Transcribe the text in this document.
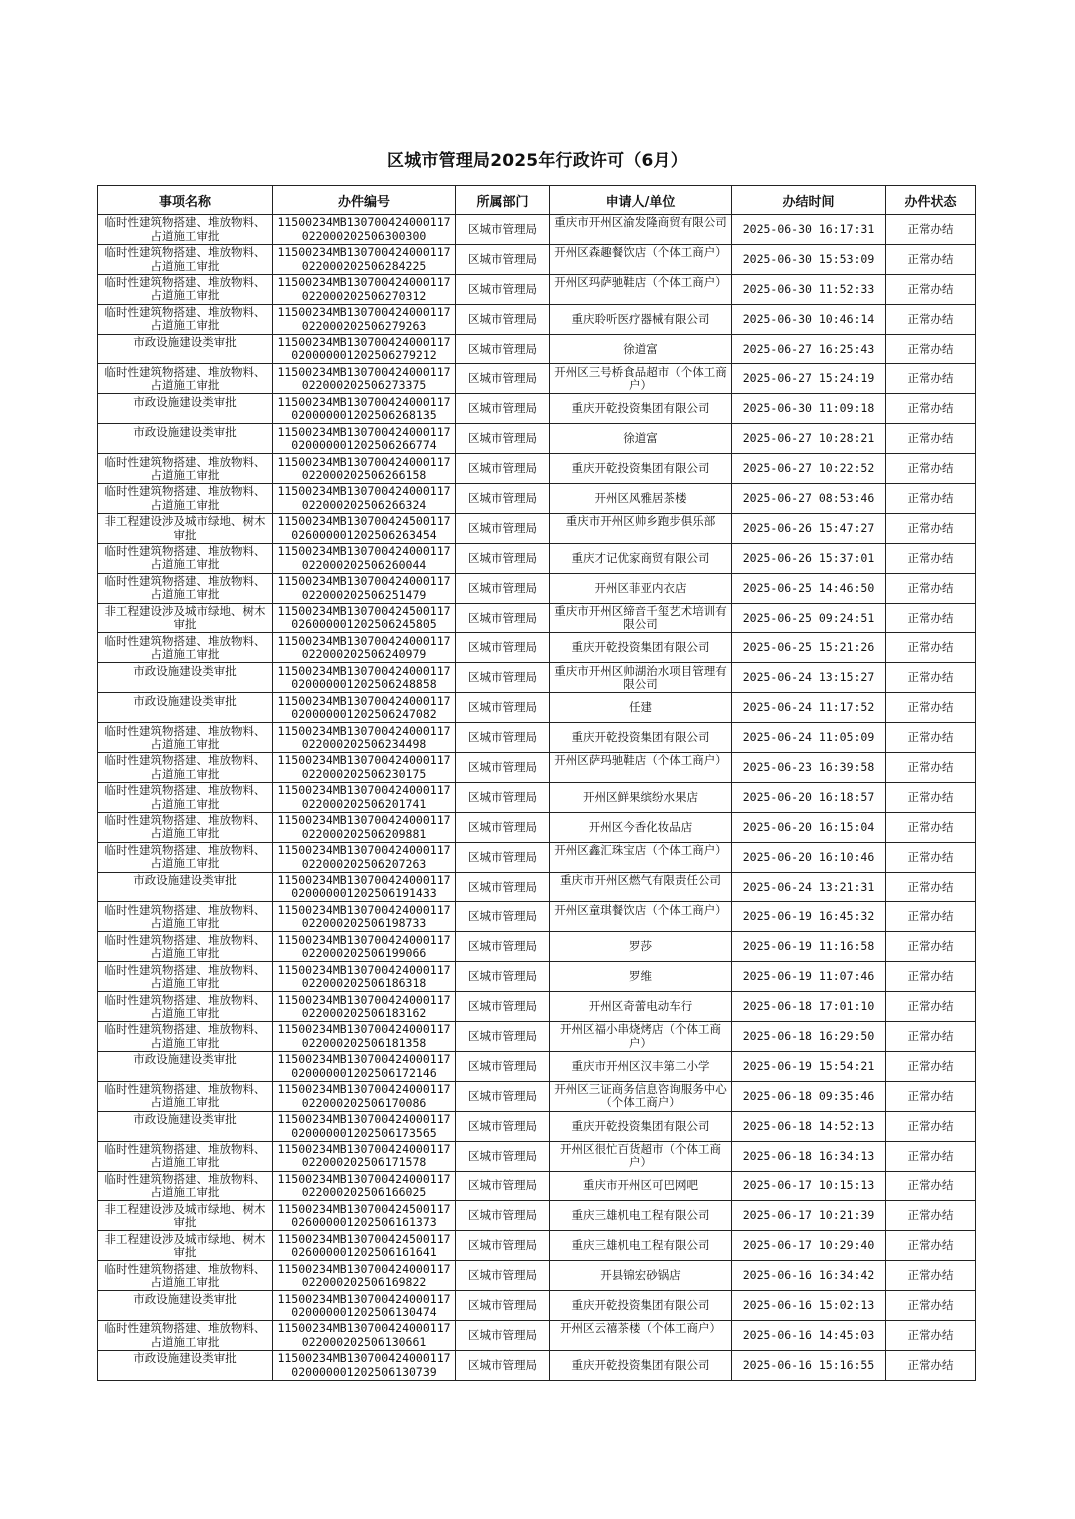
区城市管理局2025年行政许可（6月）
事项名称	办件编号	所属部门	申请人/单位	办结时间	办件状态

临时性建筑物搭建、堆放物料、占道施工审批	11500234MB130700424000117022000202506300300	区城市管理局	重庆市开州区渝发隆商贸有限公司	2025-06-30 16:17:31	正常办结

临时性建筑物搭建、堆放物料、占道施工审批	11500234MB130700424000117022000202506284225	区城市管理局	开州区森趣餐饮店（个体工商户）	2025-06-30 15:53:09	正常办结

临时性建筑物搭建、堆放物料、占道施工审批	11500234MB130700424000117022000202506270312	区城市管理局	开州区玛萨驰鞋店（个体工商户）	2025-06-30 11:52:33	正常办结

临时性建筑物搭建、堆放物料、占道施工审批	11500234MB130700424000117022000202506279263	区城市管理局	重庆聆听医疗器械有限公司	2025-06-30 10:46:14	正常办结

市政设施建设类审批	11500234MB130700424000117020000001202506279212	区城市管理局	徐道富	2025-06-27 16:25:43	正常办结

临时性建筑物搭建、堆放物料、占道施工审批	11500234MB130700424000117022000202506273375	区城市管理局	开州区三号桥食品超市（个体工商户）	2025-06-27 15:24:19	正常办结

市政设施建设类审批	11500234MB130700424000117020000001202506268135	区城市管理局	重庆开乾投资集团有限公司	2025-06-30 11:09:18	正常办结

市政设施建设类审批	11500234MB130700424000117020000001202506266774	区城市管理局	徐道富	2025-06-27 10:28:21	正常办结

临时性建筑物搭建、堆放物料、占道施工审批	11500234MB130700424000117022000202506266158	区城市管理局	重庆开乾投资集团有限公司	2025-06-27 10:22:52	正常办结

临时性建筑物搭建、堆放物料、占道施工审批	11500234MB130700424000117022000202506266324	区城市管理局	开州区风雅居茶楼	2025-06-27 08:53:46	正常办结

非工程建设涉及城市绿地、树木审批	11500234MB130700424500117026000001202506263454	区城市管理局	重庆市开州区帅乡跑步俱乐部	2025-06-26 15:47:27	正常办结

临时性建筑物搭建、堆放物料、占道施工审批	11500234MB130700424000117022000202506260044	区城市管理局	重庆才记优家商贸有限公司	2025-06-26 15:37:01	正常办结

临时性建筑物搭建、堆放物料、占道施工审批	11500234MB130700424000117022000202506251479	区城市管理局	开州区菲亚内衣店	2025-06-25 14:46:50	正常办结

非工程建设涉及城市绿地、树木审批	11500234MB130700424500117026000001202506245805	区城市管理局	重庆市开州区缔音千玺艺术培训有限公司	2025-06-25 09:24:51	正常办结

临时性建筑物搭建、堆放物料、占道施工审批	11500234MB130700424000117022000202506240979	区城市管理局	重庆开乾投资集团有限公司	2025-06-25 15:21:26	正常办结

市政设施建设类审批	11500234MB130700424000117020000001202506248858	区城市管理局	重庆市开州区帅湖治水项目管理有限公司	2025-06-24 13:15:27	正常办结

市政设施建设类审批	11500234MB130700424000117020000001202506247082	区城市管理局	任建	2025-06-24 11:17:52	正常办结

临时性建筑物搭建、堆放物料、占道施工审批	11500234MB130700424000117022000202506234498	区城市管理局	重庆开乾投资集团有限公司	2025-06-24 11:05:09	正常办结

临时性建筑物搭建、堆放物料、占道施工审批	11500234MB130700424000117022000202506230175	区城市管理局	开州区萨玛驰鞋店（个体工商户）	2025-06-23 16:39:58	正常办结

临时性建筑物搭建、堆放物料、占道施工审批	11500234MB130700424000117022000202506201741	区城市管理局	开州区鲜果缤纷水果店	2025-06-20 16:18:57	正常办结

临时性建筑物搭建、堆放物料、占道施工审批	11500234MB130700424000117022000202506209881	区城市管理局	开州区今香化妆品店	2025-06-20 16:15:04	正常办结

临时性建筑物搭建、堆放物料、占道施工审批	11500234MB130700424000117022000202506207263	区城市管理局	开州区鑫汇珠宝店（个体工商户）	2025-06-20 16:10:46	正常办结

市政设施建设类审批	11500234MB130700424000117020000001202506191433	区城市管理局	重庆市开州区燃气有限责任公司	2025-06-24 13:21:31	正常办结

临时性建筑物搭建、堆放物料、占道施工审批	11500234MB130700424000117022000202506198733	区城市管理局	开州区童琪餐饮店（个体工商户）	2025-06-19 16:45:32	正常办结

临时性建筑物搭建、堆放物料、占道施工审批	11500234MB130700424000117022000202506199066	区城市管理局	罗莎	2025-06-19 11:16:58	正常办结

临时性建筑物搭建、堆放物料、占道施工审批	11500234MB130700424000117022000202506186318	区城市管理局	罗维	2025-06-19 11:07:46	正常办结

临时性建筑物搭建、堆放物料、占道施工审批	11500234MB130700424000117022000202506183162	区城市管理局	开州区奇蕾电动车行	2025-06-18 17:01:10	正常办结

临时性建筑物搭建、堆放物料、占道施工审批	11500234MB130700424000117022000202506181358	区城市管理局	开州区福小串烧烤店（个体工商户）	2025-06-18 16:29:50	正常办结

市政设施建设类审批	11500234MB130700424000117020000001202506172146	区城市管理局	重庆市开州区汉丰第二小学	2025-06-19 15:54:21	正常办结

临时性建筑物搭建、堆放物料、占道施工审批	11500234MB130700424000117022000202506170086	区城市管理局	开州区三证商务信息咨询服务中心（个体工商户）	2025-06-18 09:35:46	正常办结

市政设施建设类审批	11500234MB130700424000117020000001202506173565	区城市管理局	重庆开乾投资集团有限公司	2025-06-18 14:52:13	正常办结

临时性建筑物搭建、堆放物料、占道施工审批	11500234MB130700424000117022000202506171578	区城市管理局	开州区很忙百货超市（个体工商户）	2025-06-18 16:34:13	正常办结

临时性建筑物搭建、堆放物料、占道施工审批	11500234MB130700424000117022000202506166025	区城市管理局	重庆市开州区可巴网吧	2025-06-17 10:15:13	正常办结

非工程建设涉及城市绿地、树木审批	11500234MB130700424500117026000001202506161373	区城市管理局	重庆三雄机电工程有限公司	2025-06-17 10:21:39	正常办结

非工程建设涉及城市绿地、树木审批	11500234MB130700424500117026000001202506161641	区城市管理局	重庆三雄机电工程有限公司	2025-06-17 10:29:40	正常办结

临时性建筑物搭建、堆放物料、占道施工审批	11500234MB130700424000117022000202506169822	区城市管理局	开县锦宏砂锅店	2025-06-16 16:34:42	正常办结

市政设施建设类审批	11500234MB130700424000117020000001202506130474	区城市管理局	重庆开乾投资集团有限公司	2025-06-16 15:02:13	正常办结

临时性建筑物搭建、堆放物料、占道施工审批	11500234MB130700424000117022000202506130661	区城市管理局	开州区云禧茶楼（个体工商户）	2025-06-16 14:45:03	正常办结

市政设施建设类审批	11500234MB130700424000117020000001202506130739	区城市管理局	重庆开乾投资集团有限公司	2025-06-16 15:16:55	正常办结
